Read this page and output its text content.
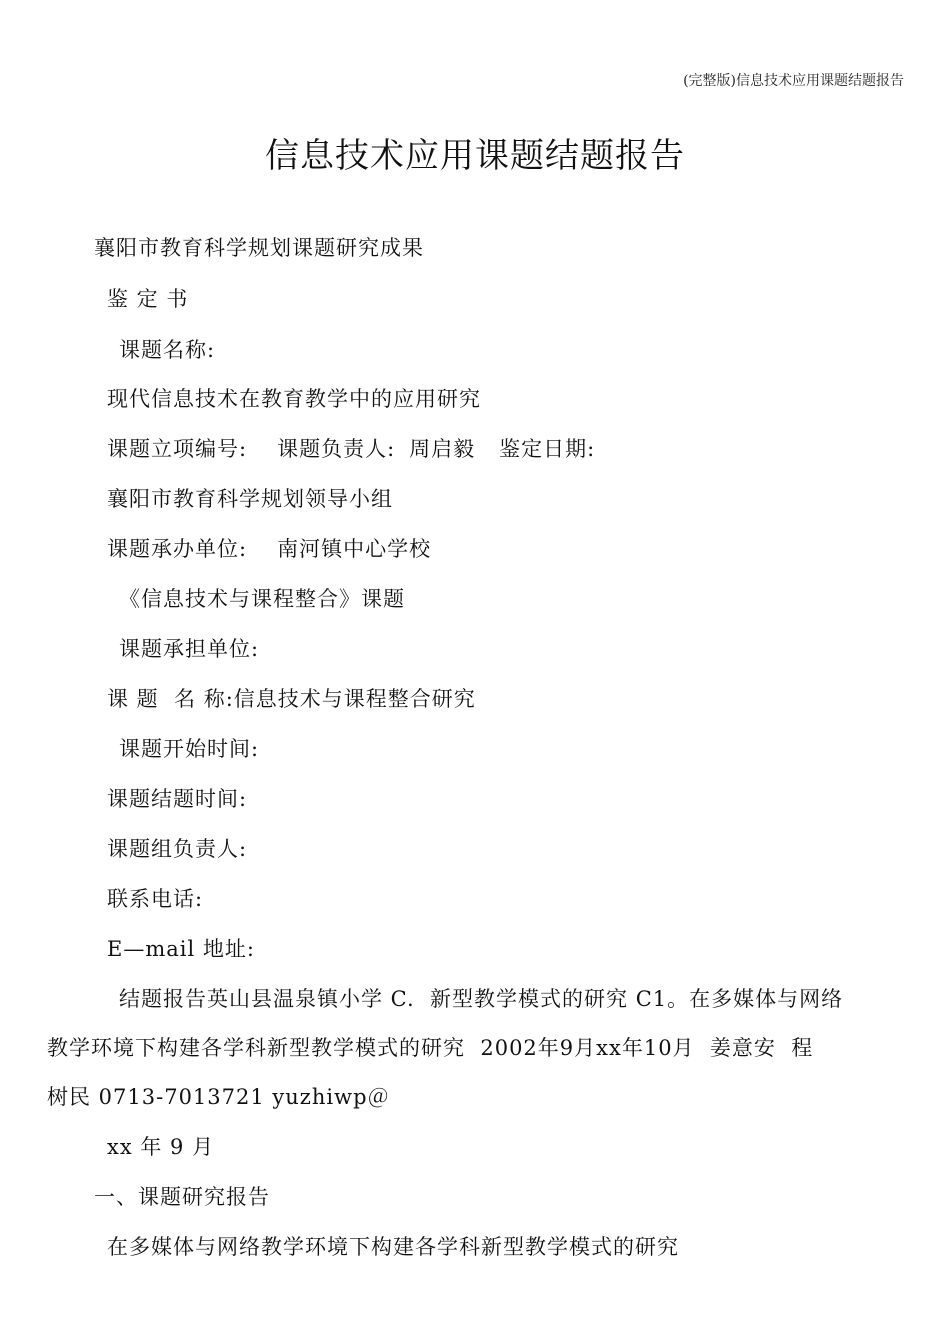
(完整版)信息技术应用课题结题报告
信息技术应用课题结题报告
襄阳市教育科学规划课题研究成果
鉴 定 书
课题名称:
现代信息技术在教育教学中的应用研究
课题立项编号: 课题负责人: 周启毅 鉴定日期:
襄阳市教育科学规划领导小组
课题承办单位: 南河镇中心学校
《信息技术与课程整合》课题
课题承担单位:
课 题  名 称:信息技术与课程整合研究
课题开始时间:
课题结题时间:
课题组负责人:
联系电话:
E—mail 地址:
结题报告英山县温泉镇小学 C.  新型教学模式的研究 C1。在多媒体与网络
教学环境下构建各学科新型教学模式的研究  2002年9月xx年10月  姜意安  程
树民 0713-7013721 yuzhiwp＠
xx 年 9 月
一、课题研究报告
在多媒体与网络教学环境下构建各学科新型教学模式的研究
